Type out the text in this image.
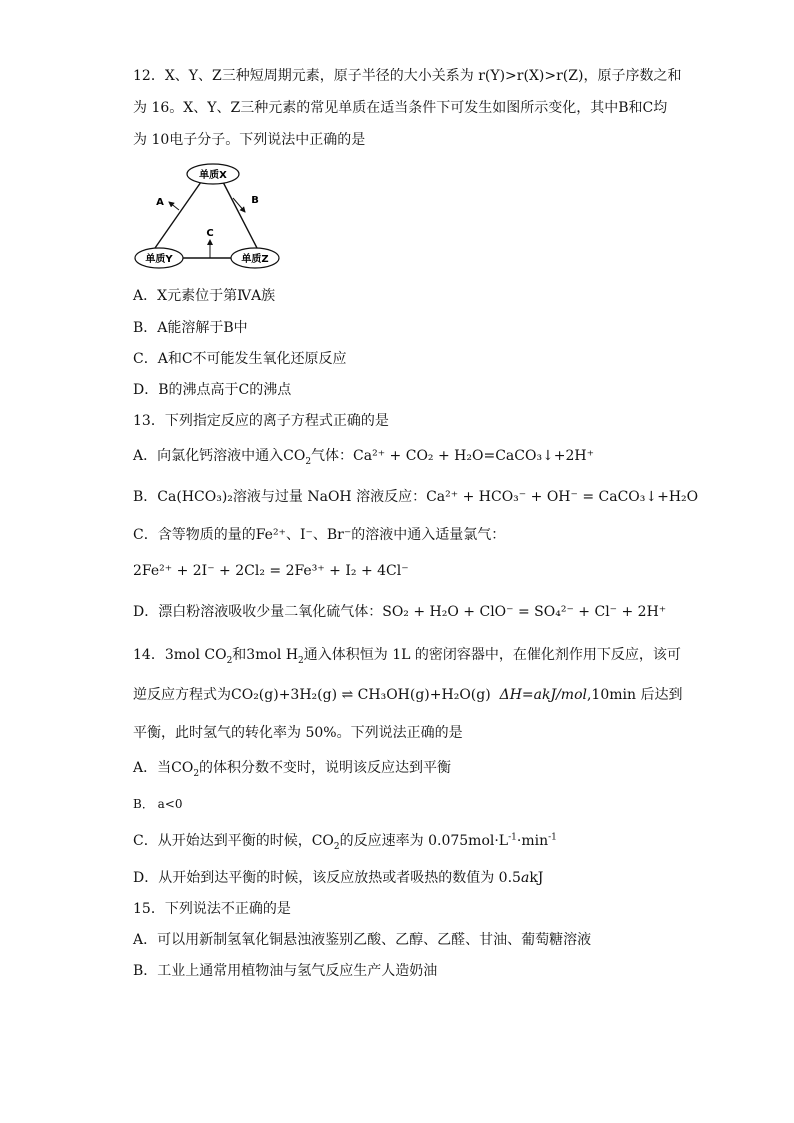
12．X、Y、Z三种短周期元素，原子半径的大小关系为 r(Y)>r(X)>r(Z)，原子序数之和
为 16。X、Y、Z三种元素的常见单质在适当条件下可发生如图所示变化，其中B和C均
为 10电子分子。下列说法中正确的是
单质X
单质Y	单质Z
A	B
C
A．X元素位于第ⅣA族
B．A能溶解于B中
C．A和C不可能发生氧化还原反应
D．B的沸点高于C的沸点
13．下列指定反应的离子方程式正确的是
A．向氯化钙溶液中通入$CO_2$气体：Ca²⁺ + CO₂ + H₂O=CaCO₃↓+2H⁺
B．Ca(HCO₃)₂溶液与过量 NaOH 溶液反应：Ca²⁺ + HCO₃⁻ + OH⁻ = CaCO₃↓+H₂O
C．含等物质的量的Fe²⁺、I⁻、Br⁻的溶液中通入适量氯气：
2Fe²⁺ + 2I⁻ + 2Cl₂ = 2Fe³⁺ + I₂ + 4Cl⁻
D．漂白粉溶液吸收少量二氧化硫气体：SO₂ + H₂O + ClO⁻ = SO₄²⁻ + Cl⁻ + 2H⁺
14．3mol $CO_2$和3mol $H_2$通入体积恒为 1L 的密闭容器中，在催化剂作用下反应，该可
逆反应方程式为CO₂(g)+3H₂(g) ⇌ CH₃OH(g)+H₂O(g) ΔH=akJ/mol,10min 后达到
平衡，此时氢气的转化率为 50%。下列说法正确的是
A．当$CO_2$的体积分数不变时，说明该反应达到平衡
B． a<0
C．从开始达到平衡的时候，$CO_2$的反应速率为 $0.075mol\cdot L^{-1}\cdot\min^{-1}$
D．从开始到达平衡的时候，该反应放热或者吸热的数值为 0.5akJ
15．下列说法不正确的是
A．可以用新制氢氧化铜悬浊液鉴别乙酸、乙醇、乙醛、甘油、葡萄糖溶液
B．工业上通常用植物油与氢气反应生产人造奶油
